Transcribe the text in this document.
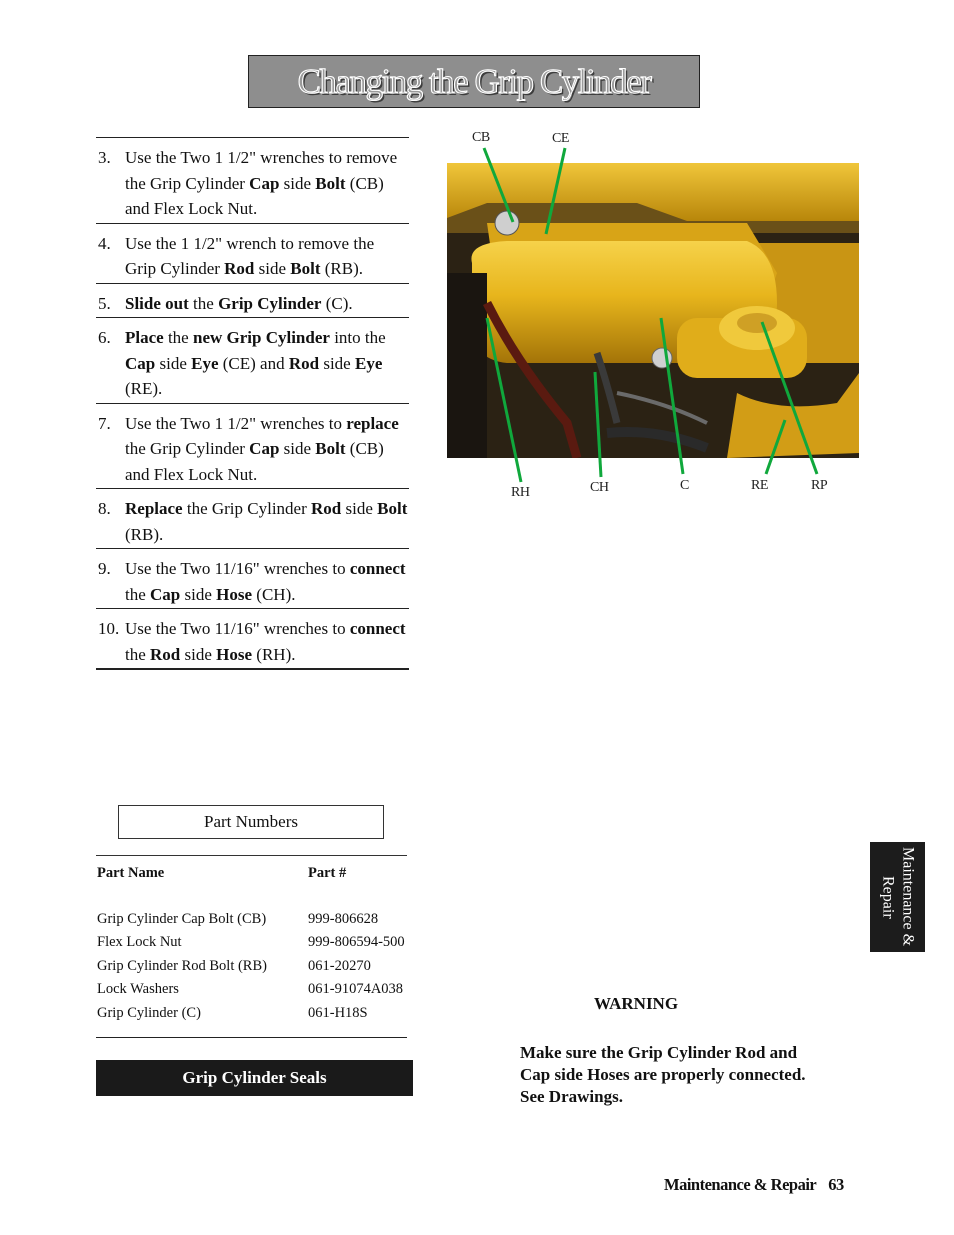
Changing the Grip Cylinder
3. Use the Two 1 1/2" wrenches to remove the Grip Cylinder Cap side Bolt (CB) and Flex Lock Nut.
4. Use the 1 1/2" wrench to remove the Grip Cylinder Rod side Bolt (RB).
5. Slide out the Grip Cylinder (C).
6. Place the new Grip Cylinder into the Cap side Eye (CE) and Rod side Eye (RE).
7. Use the Two 1 1/2" wrenches to replace the Grip Cylinder Cap side Bolt (CB) and Flex Lock Nut.
8. Replace the Grip Cylinder Rod side Bolt (RB).
9. Use the Two 11/16" wrenches to connect the Cap side Hose (CH).
10. Use the Two 11/16" wrenches to connect the Rod side Hose (RH).
Part Numbers
Part Name	Part #
Grip Cylinder Cap Bolt (CB)	999-806628
Flex Lock Nut	999-806594-500
Grip Cylinder Rod Bolt (RB)	061-20270
Lock Washers	061-91074A038
Grip Cylinder (C)	061-H18S
Grip Cylinder Seals
CB	CE
RH	CH	C	RE	RP
Maintenance & Repair
WARNING
Make sure the Grip Cylinder Rod and Cap side Hoses are properly connected. See Drawings.
Maintenance & Repair 63
